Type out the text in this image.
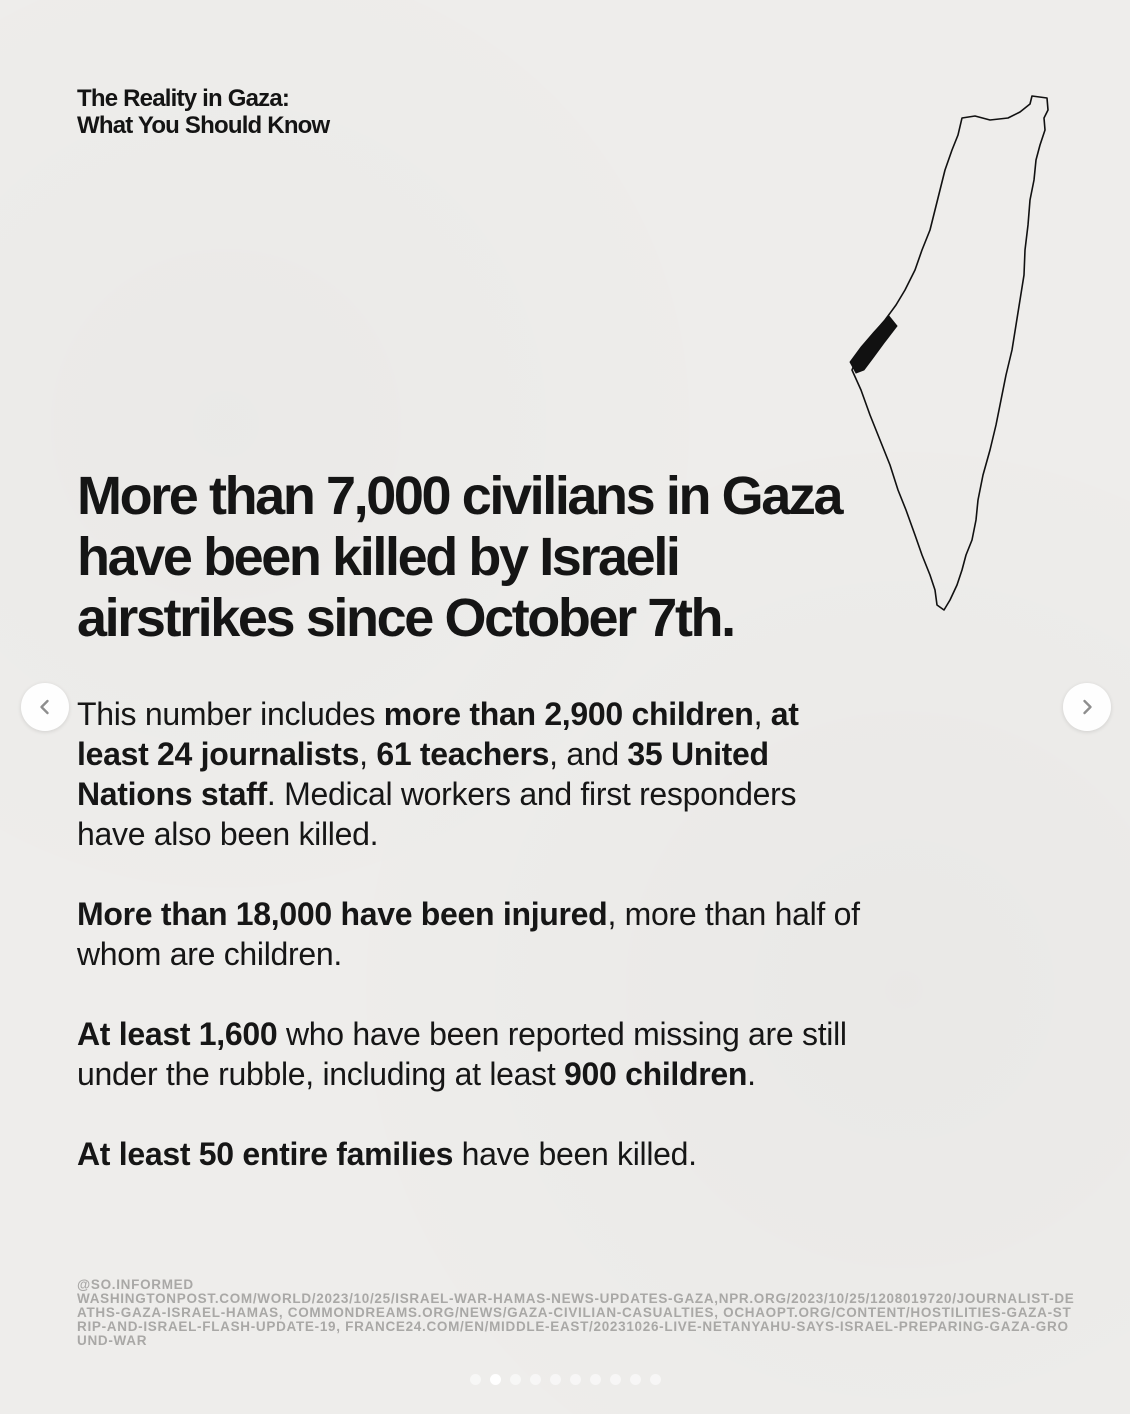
The Reality in Gaza:
What You Should Know
More than 7,000 civilians in Gaza have been killed by Israeli airstrikes since October 7th.

This number includes more than 2,900 children, at least 24 journalists, 61 teachers, and 35 United Nations staff. Medical workers and first responders have also been killed.

More than 18,000 have been injured, more than half of whom are children.

At least 1,600 who have been reported missing are still under the rubble, including at least 900 children.

At least 50 entire families have been killed.

@SO.INFORMED
WASHINGTONPOST.COM/WORLD/2023/10/25/ISRAEL-WAR-HAMAS-NEWS-UPDATES-GAZA,NPR.ORG/2023/10/25/1208019720/JOURNALIST-DEATHS-GAZA-ISRAEL-HAMAS, COMMONDREAMS.ORG/NEWS/GAZA-CIVILIAN-CASUALTIES, OCHAOPT.ORG/CONTENT/HOSTILITIES-GAZA-STRIP-AND-ISRAEL-FLASH-UPDATE-19, FRANCE24.COM/EN/MIDDLE-EAST/20231026-LIVE-NETANYAHU-SAYS-ISRAEL-PREPARING-GAZA-GROUND-WAR
